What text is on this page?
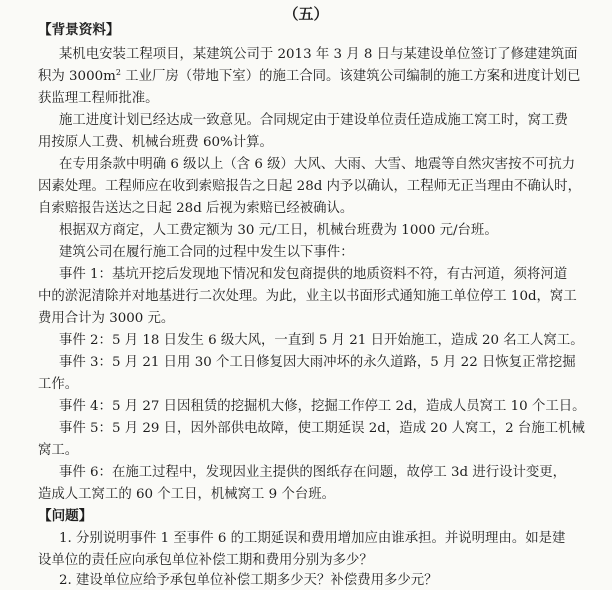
（五）
【背景资料】
某机电安装工程项目，某建筑公司于 2013 年 3 月 8 日与某建设单位签订了修建建筑面
积为 $3000m^2$ 工业厂房（带地下室）的施工合同。该建筑公司编制的施工方案和进度计划已
获监理工程师批准。
施工进度计划已经达成一致意见。合同规定由于建设单位责任造成施工窝工时，窝工费
用按原人工费、机械台班费 60%计算。
在专用条款中明确 6 级以上（含 6 级）大风、大雨、大雪、地震等自然灾害按不可抗力
因素处理。工程师应在收到索赔报告之日起 28d 内予以确认，工程师无正当理由不确认时，
自索赔报告送达之日起 28d 后视为索赔已经被确认。
根据双方商定，人工费定额为 30 元/工日，机械台班费为 1000 元/台班。
建筑公司在履行施工合同的过程中发生以下事件：
事件 1：基坑开挖后发现地下情况和发包商提供的地质资料不符，有古河道，须将河道
中的淤泥清除并对地基进行二次处理。为此，业主以书面形式通知施工单位停工 10d，窝工
费用合计为 3000 元。
事件 2：5 月 18 日发生 6 级大风，一直到 5 月 21 日开始施工，造成 20 名工人窝工。
事件 3：5 月 21 日用 30 个工日修复因大雨冲坏的永久道路，5 月 22 日恢复正常挖掘
工作。
事件 4：5 月 27 日因租赁的挖掘机大修，挖掘工作停工 2d，造成人员窝工 10 个工日。
事件 5：5 月 29 日，因外部供电故障，使工期延误 2d，造成 20 人窝工，2 台施工机械
窝工。
事件 6：在施工过程中，发现因业主提供的图纸存在问题，故停工 3d 进行设计变更，
造成人工窝工的 60 个工日，机械窝工 9 个台班。
【问题】
1. 分别说明事件 1 至事件 6 的工期延误和费用增加应由谁承担。并说明理由。如是建
设单位的责任应向承包单位补偿工期和费用分别为多少？
2. 建设单位应给予承包单位补偿工期多少天？补偿费用多少元？
